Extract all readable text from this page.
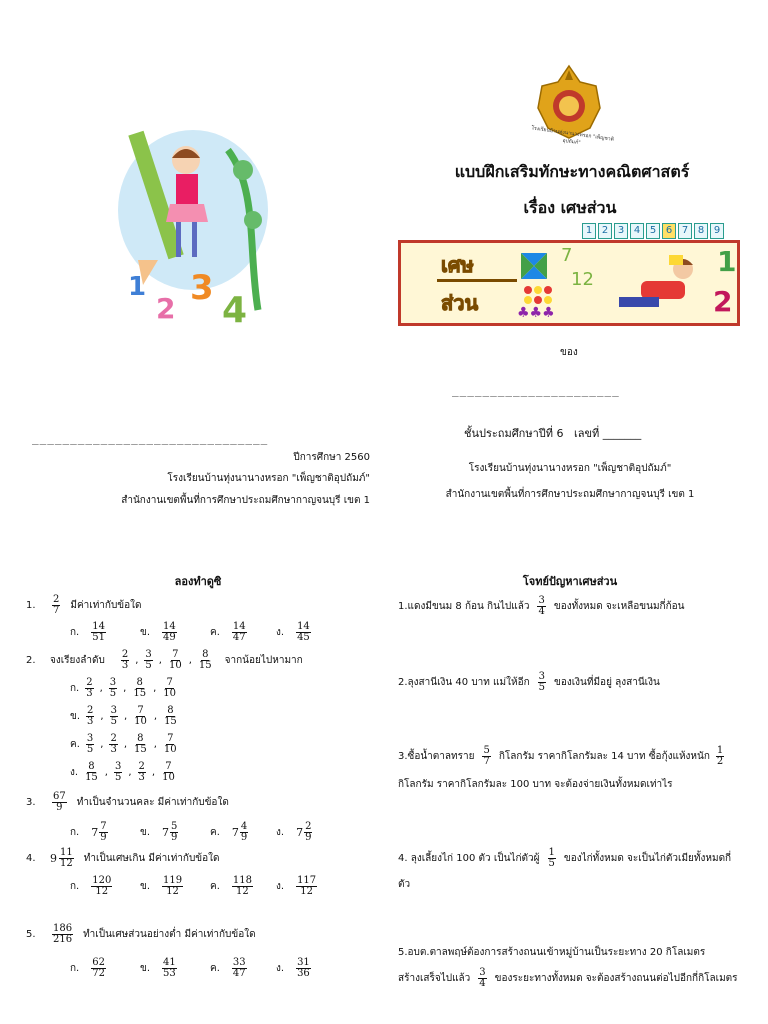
1
2
3
4
โรงเรียนบ้านทุ่งนานางหรอก "เพ็ญชาติอุปถัมภ์"
แบบฝึกเสริมทักษะทางคณิตศาสตร์
เรื่อง เศษส่วน
1 2 3 4 5 6 7 8 9
เศษ
ส่วน
7
12
♣♣♣
1
2
ของ
______________________
ชั้นประถมศึกษาปีที่ 6 เลขที่ _______
โรงเรียนบ้านทุ่งนานางหรอก "เพ็ญชาติอุปถัมภ์"
สำนักงานเขตพื้นที่การศึกษาประถมศึกษากาญจนบุรี เขต 1
_______________________________
ปีการศึกษา 2560
โรงเรียนบ้านทุ่งนานางหรอก "เพ็ญชาติอุปถัมภ์"
สำนักงานเขตพื้นที่การศึกษาประถมศึกษากาญจนบุรี เขต 1
ลองทำดูซิ
1.	$\frac{2}{7}$ มีค่าเท่ากับข้อใด
2.	จงเรียงลำดับ $\frac{2}{3}$ , $\frac{3}{5}$ , $\frac{7}{10}$ , $\frac{8}{15}$ จากน้อยไปหามาก
3.	$\frac{67}{9}$ ทำเป็นจำนวนคละ มีค่าเท่ากับข้อใด
4.	$9 \frac{11}{12}$ ทำเป็นเศษเกิน มีค่าเท่ากับข้อใด
5.	$\frac{186}{216}$ ทำเป็นเศษส่วนอย่างต่ำ มีค่าเท่ากับข้อใด
โจทย์ปัญหาเศษส่วน
1.แดงมีขนม 8 ก้อน กินไปแล้ว $\frac{3}{4}$ ของทั้งหมด จะเหลือขนมกี่ก้อน
2.ลุงสานีเงิน 40 บาท แม่ให้อีก $\frac{3}{5}$ ของเงินที่มีอยู่ ลุงสานีเงิน
3.ซื้อน้ำตาลทราย $\frac{5}{7}$ กิโลกรัม ราคากิโลกรัมละ 14 บาท ซื้อกุ้งแห้งหนัก $\frac{1}{2}$
กิโลกรัม ราคากิโลกรัมละ 100 บาท จะต้องจ่ายเงินทั้งหมดเท่าไร
4. ลุงเลี้ยงไก่ 100 ตัว เป็นไก่ตัวผู้ $\frac{1}{5}$ ของไก่ทั้งหมด จะเป็นไก่ตัวเมียทั้งหมดกี่
ตัว
5.อบต.ตาลพฤษ์ต้องการสร้างถนนเข้าหมู่บ้านเป็นระยะทาง 20 กิโลเมตร
สร้างเสร็จไปแล้ว $\frac{3}{4}$ ของระยะทางทั้งหมด จะต้องสร้างถนนต่อไปอีกกี่กิโลเมตร
ก. $\frac{14}{51}$	ข. $\frac{14}{49}$	ค. $\frac{14}{47}$	ง. $\frac{14}{45}$
ก. $\frac{2}{3}$ , $\frac{3}{5}$ , $\frac{8}{15}$ , $\frac{7}{10}$
ข. $\frac{2}{3}$ , $\frac{3}{5}$ , $\frac{7}{10}$ , $\frac{8}{15}$
ค. $\frac{3}{5}$ , $\frac{2}{3}$ , $\frac{8}{15}$ , $\frac{7}{10}$
ง. $\frac{8}{15}$ , $\frac{3}{5}$ , $\frac{2}{3}$ , $\frac{7}{10}$
ก. $7 \frac{7}{9}$	ข. $7 \frac{5}{9}$	ค. $7 \frac{4}{9}$	ง. $7 \frac{2}{9}$
ก. $\frac{120}{12}$	ข. $\frac{119}{12}$	ค. $\frac{118}{12}$ ง. $\frac{117}{12}$
ก. $\frac{62}{72}$	ข. $\frac{41}{53}$	ค. $\frac{33}{47}$	ง. $\frac{31}{36}$
